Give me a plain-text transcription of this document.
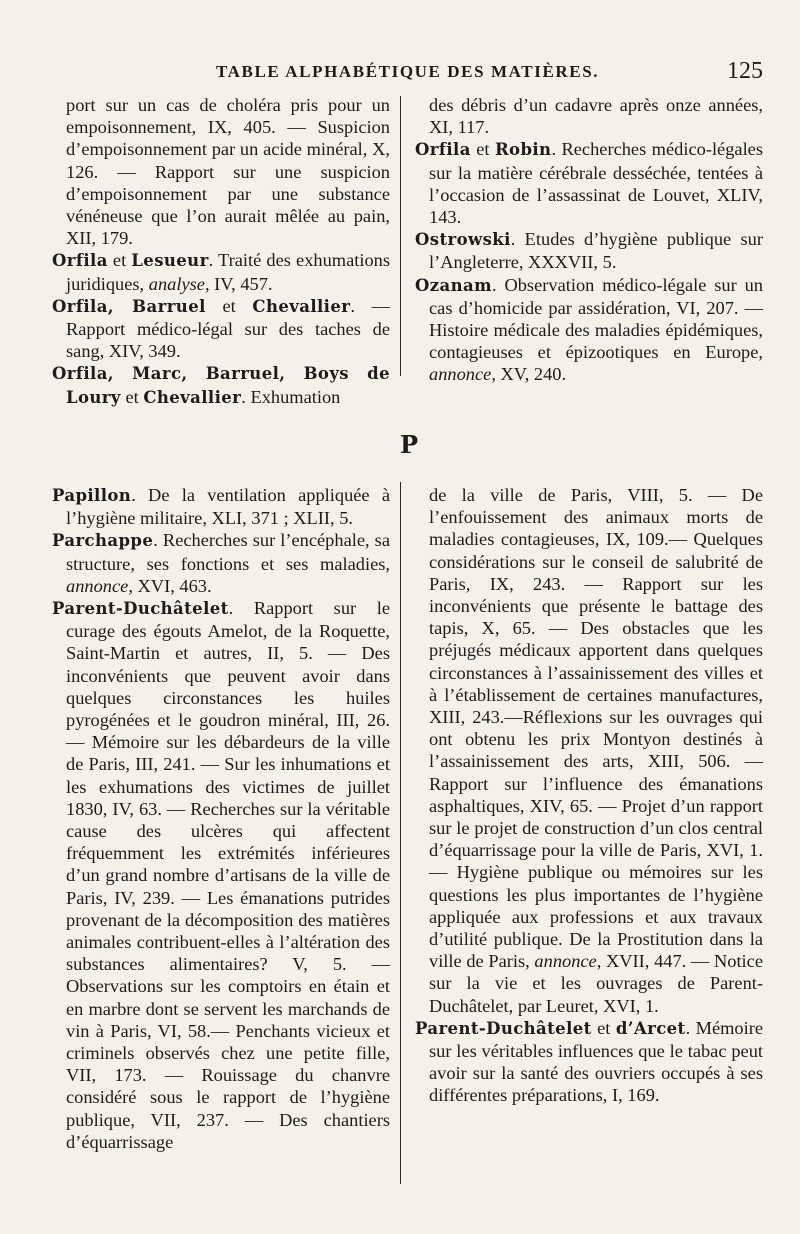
TABLE ALPHABÉTIQUE DES MATIÈRES.	125

port sur un cas de choléra pris pour un empoisonnement, IX, 405. — Suspicion d’empoisonnement par un acide minéral, X, 126. — Rapport sur une suspicion d’empoisonnement par une substance vénéneuse que l’on aurait mêlée au pain, XII, 179.

Orfila et Lesueur. Traité des exhumations juridiques, analyse, IV, 457.

Orfila, Barruel et Chevallier. — Rapport médico-légal sur des taches de sang, XIV, 349.

Orfila, Marc, Barruel, Boys de Loury et Chevallier. Exhumation

des débris d’un cadavre après onze années, XI, 117.

Orfila et Robin. Recherches médico-légales sur la matière cérébrale desséchée, tentées à l’occasion de l’assassinat de Louvet, XLIV, 143.

Ostrowski. Etudes d’hygiène publique sur l’Angleterre, XXXVII, 5.

Ozanam. Observation médico-légale sur un cas d’homicide par assidération, VI, 207. — Histoire médicale des maladies épidémiques, contagieuses et épizootiques en Europe, annonce, XV, 240.

P

Papillon. De la ventilation appliquée à l’hygiène militaire, XLI, 371 ; XLII, 5.

Parchappe. Recherches sur l’encéphale, sa structure, ses fonctions et ses maladies, annonce, XVI, 463.

Parent-Duchâtelet. Rapport sur le curage des égouts Amelot, de la Roquette, Saint-Martin et autres, II, 5. — Des inconvénients que peuvent avoir dans quelques circonstances les huiles pyrogénées et le goudron minéral, III, 26. — Mémoire sur les débardeurs de la ville de Paris, III, 241. — Sur les inhumations et les exhumations des victimes de juillet 1830, IV, 63. — Recherches sur la véritable cause des ulcères qui affectent fréquemment les extrémités inférieures d’un grand nombre d’artisans de la ville de Paris, IV, 239. — Les émanations putrides provenant de la décomposition des matières animales contribuent-elles à l’altération des substances alimentaires? V, 5. — Observations sur les comptoirs en étain et en marbre dont se servent les marchands de vin à Paris, VI, 58.— Penchants vicieux et criminels observés chez une petite fille, VII, 173. — Rouissage du chanvre considéré sous le rapport de l’hygiène publique, VII, 237. — Des chantiers d’équarrissage

de la ville de Paris, VIII, 5. — De l’enfouissement des animaux morts de maladies contagieuses, IX, 109.— Quelques considérations sur le conseil de salubrité de Paris, IX, 243. — Rapport sur les inconvénients que présente le battage des tapis, X, 65. — Des obstacles que les préjugés médicaux apportent dans quelques circonstances à l’assainissement des villes et à l’établissement de certaines manufactures, XIII, 243.—Réflexions sur les ouvrages qui ont obtenu les prix Montyon destinés à l’assainissement des arts, XIII, 506. — Rapport sur l’influence des émanations asphaltiques, XIV, 65. — Projet d’un rapport sur le projet de construction d’un clos central d’équarrissage pour la ville de Paris, XVI, 1. — Hygiène publique ou mémoires sur les questions les plus importantes de l’hygiène appliquée aux professions et aux travaux d’utilité publique. De la Prostitution dans la ville de Paris, annonce, XVII, 447. — Notice sur la vie et les ouvrages de Parent-Duchâtelet, par Leuret, XVI, 1.

Parent-Duchâtelet et d’Arcet. Mémoire sur les véritables influences que le tabac peut avoir sur la santé des ouvriers occupés à ses différentes préparations, I, 169.
